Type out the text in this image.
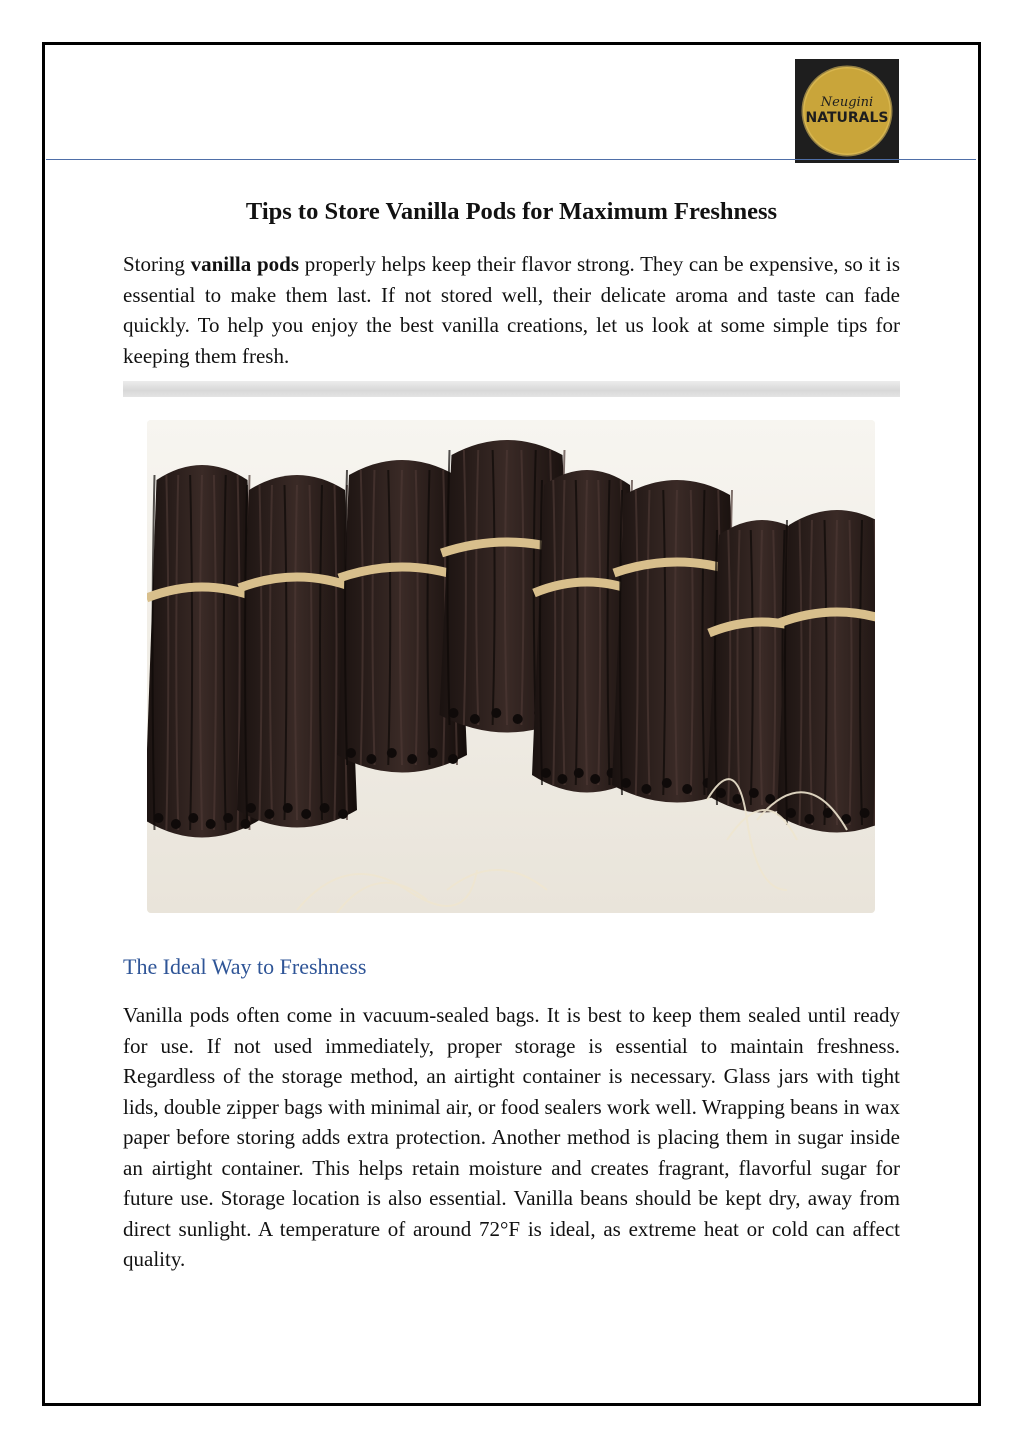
Neugini
NATURALS
Tips to Store Vanilla Pods for Maximum Freshness

Storing vanilla pods properly helps keep their flavor strong. They can be expensive, so it is essential to make them last. If not stored well, their delicate aroma and taste can fade quickly. To help you enjoy the best vanilla creations, let us look at some simple tips for keeping them fresh.

The Ideal Way to Freshness

Vanilla pods often come in vacuum-sealed bags. It is best to keep them sealed until ready for use. If not used immediately, proper storage is essential to maintain freshness. Regardless of the storage method, an airtight container is necessary. Glass jars with tight lids, double zipper bags with minimal air, or food sealers work well. Wrapping beans in wax paper before storing adds extra protection. Another method is placing them in sugar inside an airtight container. This helps retain moisture and creates fragrant, flavorful sugar for future use. Storage location is also essential. Vanilla beans should be kept dry, away from direct sunlight. A temperature of around 72°F is ideal, as extreme heat or cold can affect quality.
